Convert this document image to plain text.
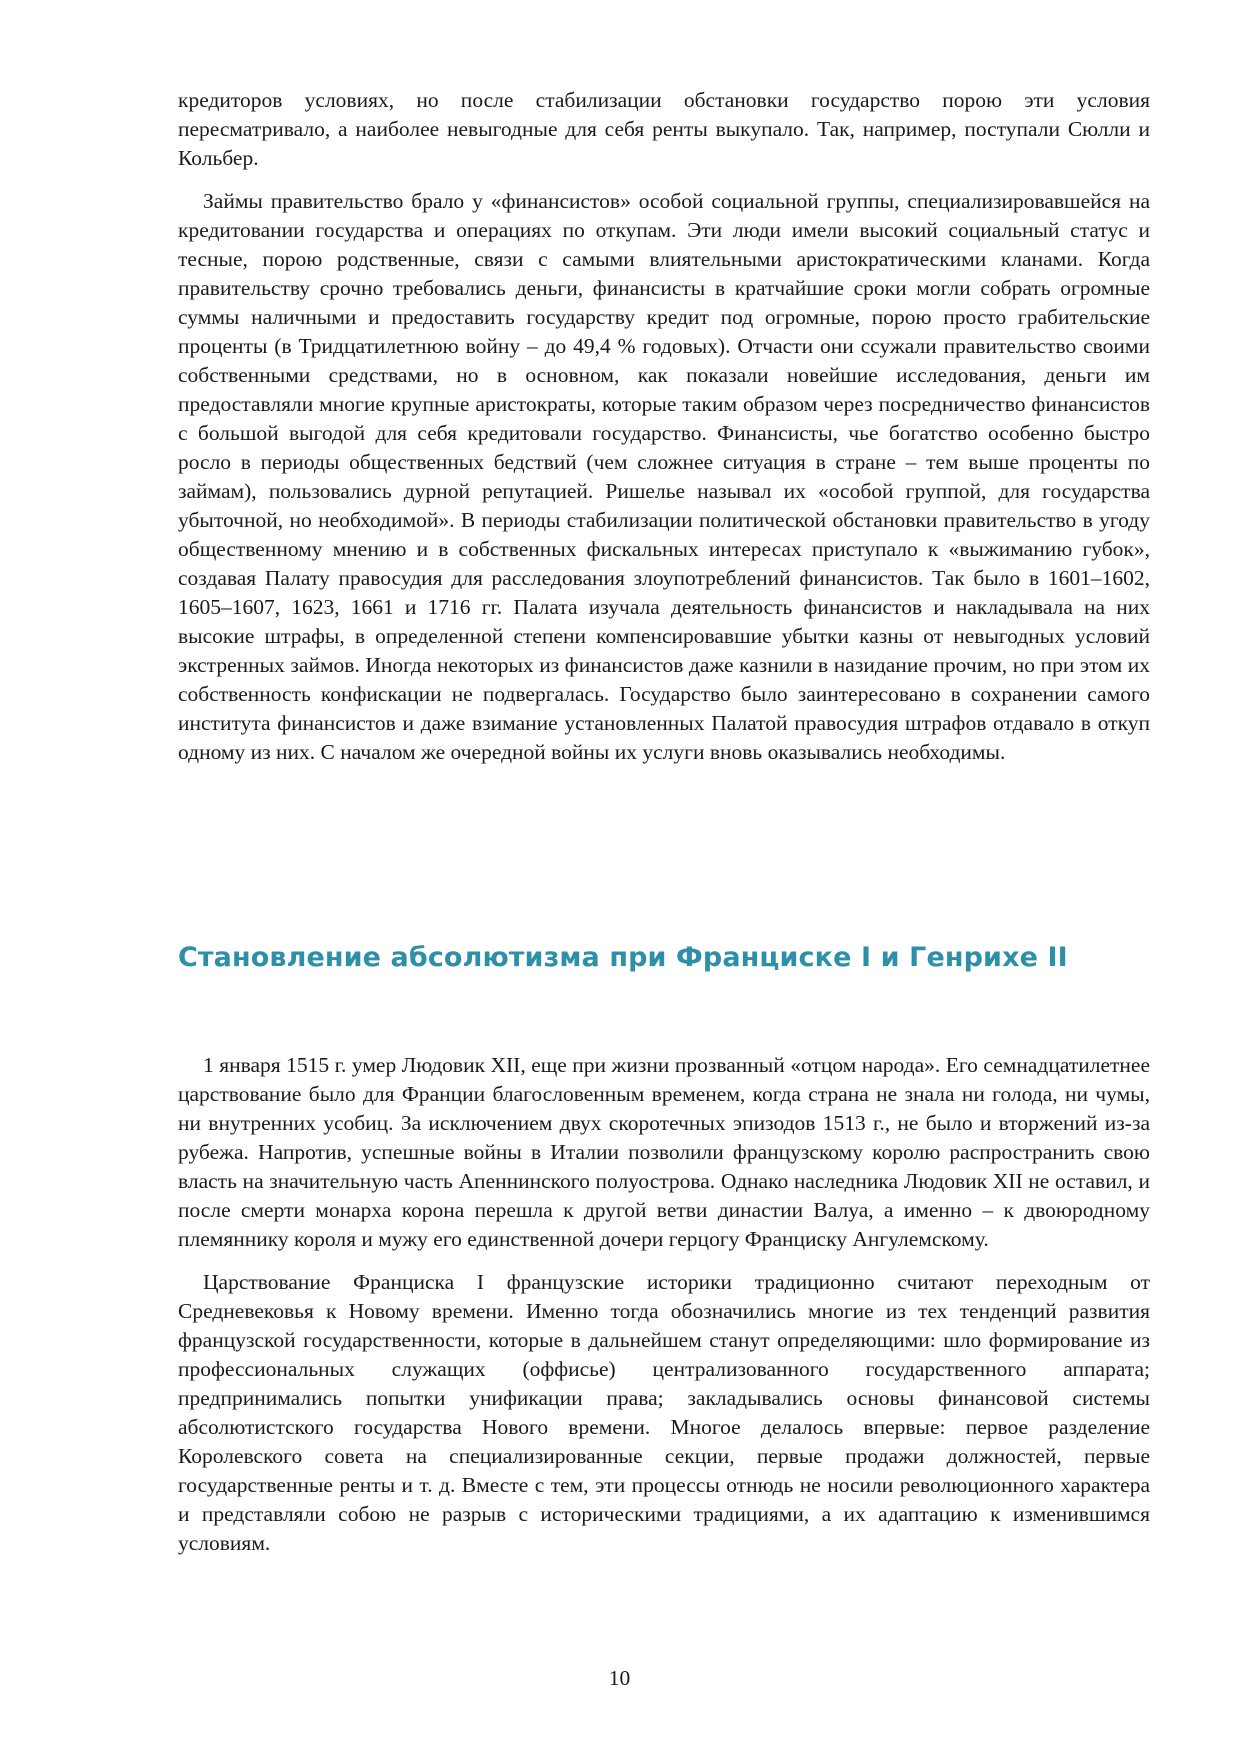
кредиторов условиях, но после стабилизации обстановки государство порою эти условия пересматривало, а наиболее невыгодные для себя ренты выкупало. Так, например, поступали Сюлли и Кольбер.

Займы правительство брало у «финансистов» особой социальной группы, специализировавшейся на кредитовании государства и операциях по откупам. Эти люди имели высокий социальный статус и тесные, порою родственные, связи с самыми влиятельными аристократическими кланами. Когда правительству срочно требовались деньги, финансисты в кратчайшие сроки могли собрать огромные суммы наличными и предоставить государству кредит под огромные, порою просто грабительские проценты (в Тридцатилетнюю войну – до 49,4 % годовых). Отчасти они ссужали правительство своими собственными средствами, но в основном, как показали новейшие исследования, деньги им предоставляли многие крупные аристократы, которые таким образом через посредничество финансистов с большой выгодой для себя кредитовали государство. Финансисты, чье богатство особенно быстро росло в периоды общественных бедствий (чем сложнее ситуация в стране – тем выше проценты по займам), пользовались дурной репутацией. Ришелье называл их «особой группой, для государства убыточной, но необходимой». В периоды стабилизации политической обстановки правительство в угоду общественному мнению и в собственных фискальных интересах приступало к «выжиманию губок», создавая Палату правосудия для расследования злоупотреблений финансистов. Так было в 1601–1602, 1605–1607, 1623, 1661 и 1716 гг. Палата изучала деятельность финансистов и накладывала на них высокие штрафы, в определенной степени компенсировавшие убытки казны от невыгодных условий экстренных займов. Иногда некоторых из финансистов даже казнили в назидание прочим, но при этом их собственность конфискации не подвергалась. Государство было заинтересовано в сохранении самого института финансистов и даже взимание установленных Палатой правосудия штрафов отдавало в откуп одному из них. С началом же очередной войны их услуги вновь оказывались необходимы.

Становление абсолютизма при Франциске I и Генрихе II

1 января 1515 г. умер Людовик XII, еще при жизни прозванный «отцом народа». Его семнадцатилетнее царствование было для Франции благословенным временем, когда страна не знала ни голода, ни чумы, ни внутренних усобиц. За исключением двух скоротечных эпизодов 1513 г., не было и вторжений из-за рубежа. Напротив, успешные войны в Италии позволили французскому королю распространить свою власть на значительную часть Апеннинского полуострова. Однако наследника Людовик XII не оставил, и после смерти монарха корона перешла к другой ветви династии Валуа, а именно – к двоюродному племяннику короля и мужу его единственной дочери герцогу Франциску Ангулемскому.

Царствование Франциска I французские историки традиционно считают переходным от Средневековья к Новому времени. Именно тогда обозначились многие из тех тенденций развития французской государственности, которые в дальнейшем станут определяющими: шло формирование из профессиональных служащих (оффисье) централизованного государственного аппарата; предпринимались попытки унификации права; закладывались основы финансовой системы абсолютистского государства Нового времени. Многое делалось впервые: первое разделение Королевского совета на специализированные секции, первые продажи должностей, первые государственные ренты и т. д. Вместе с тем, эти процессы отнюдь не носили революционного характера и представляли собою не разрыв с историческими традициями, а их адаптацию к изменившимся условиям.

10
